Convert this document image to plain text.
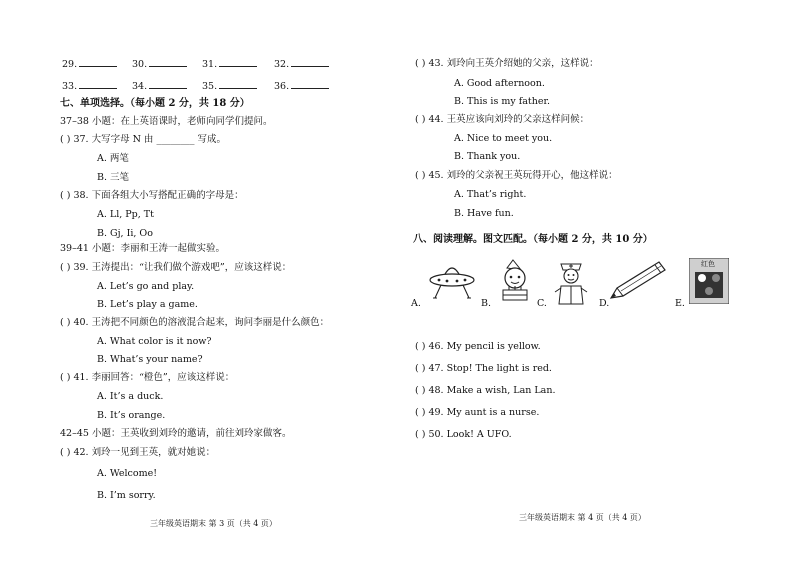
29.	30.	31.	32.
33.	34.	35.	36.
七、单项选择。（每小题 2 分，共 18 分）
37–38 小题：在上英语课时，老师向同学们提问。
( ) 37. 大写字母 N 由 ________ 写成。
A. 两笔
B. 三笔
( ) 38. 下面各组大小写搭配正确的字母是：
A. Ll, Pp, Tt
B. Gj, Ii, Oo
39–41 小题：李丽和王涛一起做实验。
( ) 39. 王涛提出：“让我们做个游戏吧”，应该这样说：
A. Let’s go and play.
B. Let’s play a game.
( ) 40. 王涛把不同颜色的溶液混合起来，询问李丽是什么颜色：
A. What color is it now?
B. What’s your name?
( ) 41. 李丽回答：“橙色”，应该这样说：
A. It’s a duck.
B. It’s orange.
42–45 小题：王英收到刘玲的邀请，前往刘玲家做客。
( ) 42. 刘玲一见到王英，就对她说：
A. Welcome!
B. I’m sorry.
三年级英语期末 第 3 页（共 4 页）
( ) 43. 刘玲向王英介绍她的父亲，这样说：
A. Good afternoon.
B. This is my father.
( ) 44. 王英应该向刘玲的父亲这样问候：
A. Nice to meet you.
B. Thank you.
( ) 45. 刘玲的父亲祝王英玩得开心，他这样说：
A. That’s right.
B. Have fun.
八、阅读理解。图文匹配。（每小题 2 分，共 10 分）
A.	B.	C.	D.	E.
红色
( ) 46. My pencil is yellow.
( ) 47. Stop! The light is red.
( ) 48. Make a wish, Lan Lan.
( ) 49. My aunt is a nurse.
( ) 50. Look! A UFO.
三年级英语期末 第 4 页（共 4 页）
